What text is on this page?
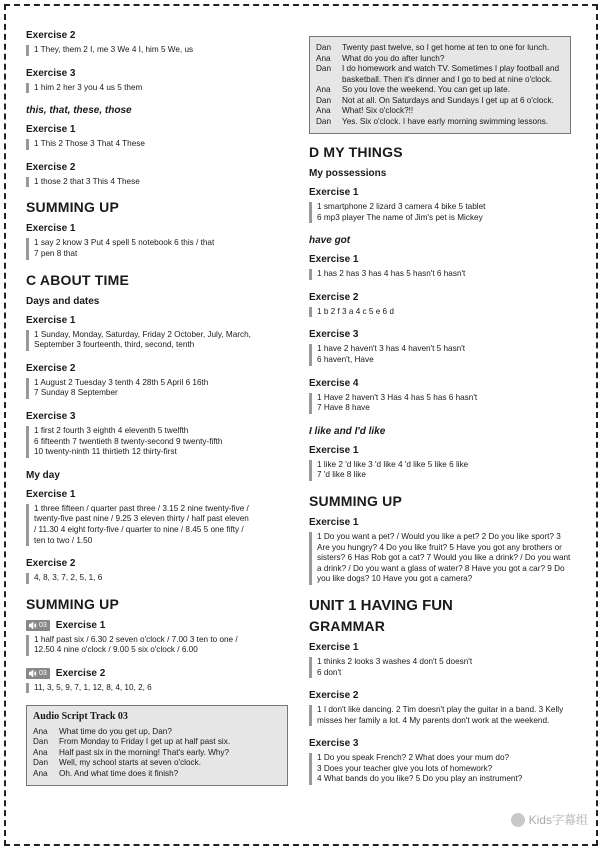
Exercise 2
1 They, them 2 I, me 3 We 4 I, him 5 We, us
Exercise 3
1 him 2 her 3 you 4 us 5 them
this, that, these, those
Exercise 1
1 This 2 Those 3 That 4 These
Exercise 2
1 those 2 that 3 This 4 These
SUMMING UP
Exercise 1
1 say 2 know 3 Put 4 spell 5 notebook 6 this / that
7 pen 8 that
C ABOUT TIME
Days and dates
Exercise 1
1 Sunday, Monday, Saturday, Friday 2 October, July, March,
September 3 fourteenth, third, second, tenth
Exercise 2
1 August 2 Tuesday 3 tenth 4 28th 5 April 6 16th
7 Sunday 8 September
Exercise 3
1 first 2 fourth 3 eighth 4 eleventh 5 twelfth
6 fifteenth 7 twentieth 8 twenty-second 9 twenty-fifth
10 twenty-ninth 11 thirtieth 12 thirty-first
My day
Exercise 1
1 three fifteen / quarter past three / 3.15 2 nine twenty-five /
twenty-five past nine / 9.25 3 eleven thirty / half past eleven
/ 11.30 4 eight forty-five / quarter to nine / 8.45 5 one fifty /
ten to two / 1.50
Exercise 2
4, 8, 3, 7, 2, 5, 1, 6
SUMMING UP
03 Exercise 1
1 half past six / 6.30 2 seven o'clock / 7.00 3 ten to one /
12.50 4 nine o'clock / 9.00 5 six o'clock / 6.00
03 Exercise 2
11, 3, 5, 9, 7, 1, 12, 8, 4, 10, 2, 6
Audio Script Track 03
Ana	What time do you get up, Dan?
Dan	From Monday to Friday I get up at half past six.
Ana	Half past six in the morning! That's early. Why?
Dan	Well, my school starts at seven o'clock.
Ana	Oh. And what time does it finish?
Dan	Twenty past twelve, so I get home at ten to one for lunch.
Ana	What do you do after lunch?
Dan	I do homework and watch TV. Sometimes I play football and basketball. Then it's dinner and I go to bed at nine o'clock.
Ana	So you love the weekend. You can get up late.
Dan	Not at all. On Saturdays and Sundays I get up at 6 o'clock.
Ana	What! Six o'clock?!!
Dan	Yes. Six o'clock. I have early morning swimming lessons.
D MY THINGS
My possessions
Exercise 1
1 smartphone 2 lizard 3 camera 4 bike 5 tablet
6 mp3 player The name of Jim's pet is Mickey
have got
Exercise 1
1 has 2 has 3 has 4 has 5 hasn't 6 hasn't
Exercise 2
1 b 2 f 3 a 4 c 5 e 6 d
Exercise 3
1 have 2 haven't 3 has 4 haven't 5 hasn't
6 haven't, Have
Exercise 4
1 Have 2 haven't 3 Has 4 has 5 has 6 hasn't
7 Have 8 have
I like and I'd like
Exercise 1
1 like 2 'd like 3 'd like 4 'd like 5 like 6 like
7 'd like 8 like
SUMMING UP
Exercise 1
1 Do you want a pet? / Would you like a pet? 2 Do you like sport? 3 Are you hungry? 4 Do you like fruit? 5 Have you got any brothers or sisters? 6 Has Rob got a cat? 7 Would you like a drink? / Do you want a drink? / Do you want a glass of water? 8 Have you got a car? 9 Do you like dogs? 10 Have you got a camera?
UNIT 1 HAVING FUN
GRAMMAR
Exercise 1
1 thinks 2 looks 3 washes 4 don't 5 doesn't
6 don't
Exercise 2
1 I don't like dancing. 2 Tim doesn't play the guitar in a band. 3 Kelly misses her family a lot. 4 My parents don't work at the weekend.
Exercise 3
1 Do you speak French? 2 What does your mum do?
3 Does your teacher give you lots of homework?
4 What bands do you like? 5 Do you play an instrument?
Kids字幕组
